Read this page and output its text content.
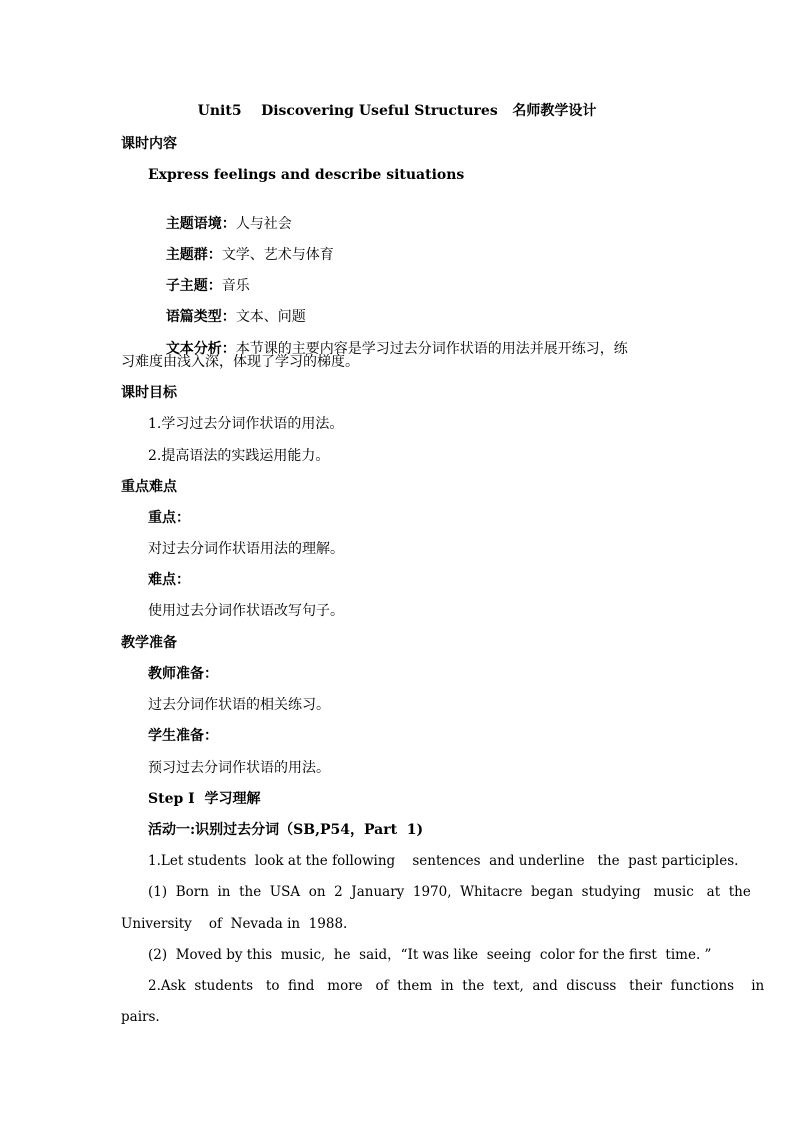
Unit5    Discovering Useful Structures   名师教学设计
课时内容
Express feelings and describe situations

主题语境：人与社会

主题群：文学、艺术与体育

子主题：音乐

语篇类型：文本、问题

文本分析：本节课的主要内容是学习过去分词作状语的用法并展开练习，练

习难度由浅入深，体现了学习的梯度。
课时目标
1.学习过去分词作状语的用法。
2.提高语法的实践运用能力。
重点难点
重点：
对过去分词作状语用法的理解。
难点：
使用过去分词作状语改写句子。
教学准备
教师准备：
过去分词作状语的相关练习。
学生准备：
预习过去分词作状语的用法。
Step I  学习理解
活动一:识别过去分词（SB,P54，Part  1)
1.Let students  look at the following    sentences  and underline   the  past participles.
(1)  Born  in  the  USA  on  2  January  1970,  Whitacre  began  studying   music   at  the
University    of  Nevada in  1988.
(2)  Moved by this  music,  he  said，“It was like  seeing  color for the first  time. ”
2.Ask  students   to  find   more   of  them  in  the  text,  and  discuss   their  functions    in
pairs.
